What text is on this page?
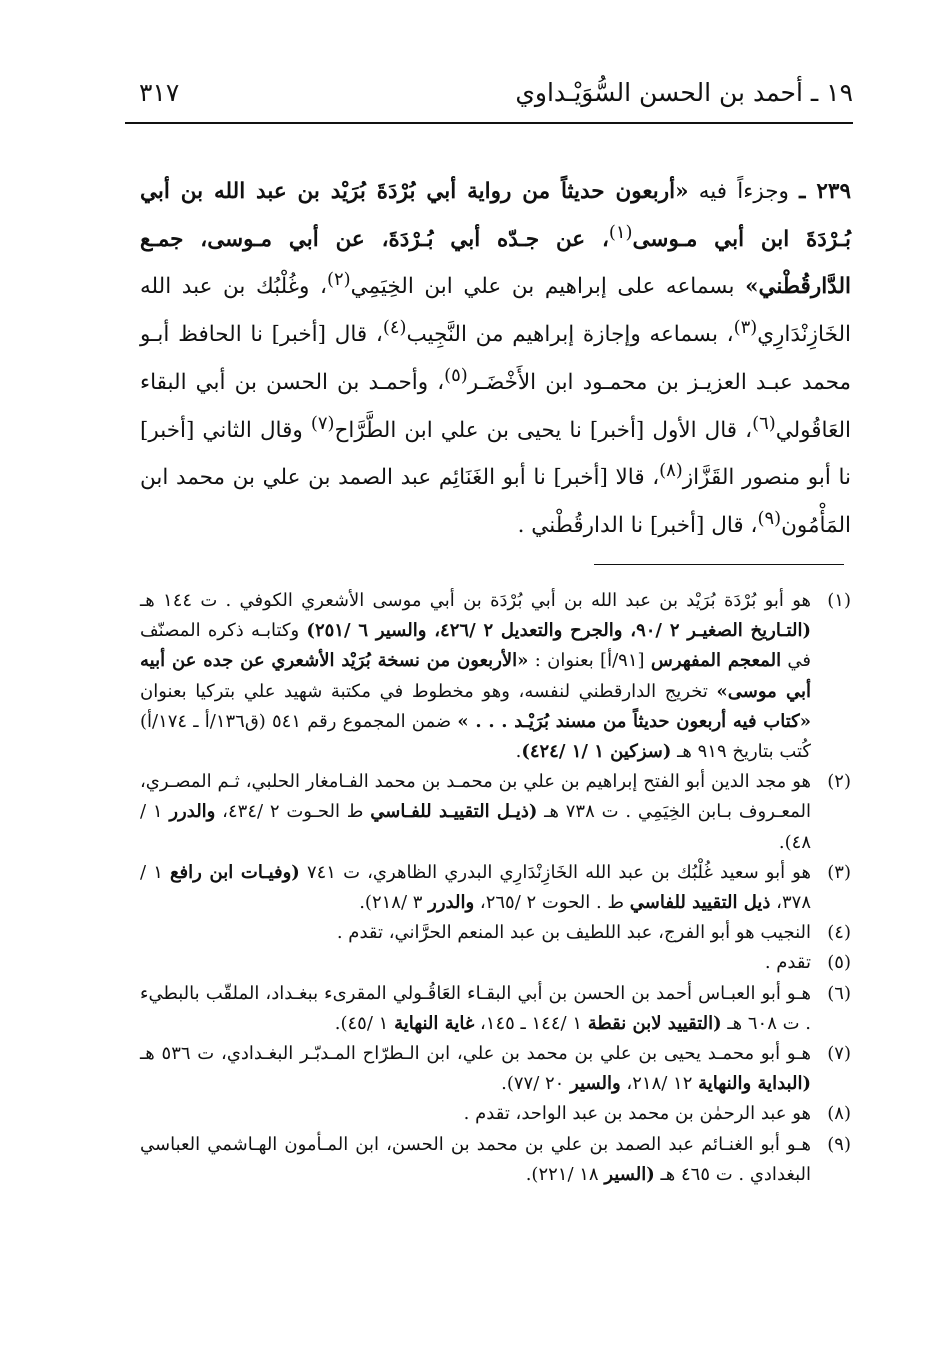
١٩ ـ أحمد بن الحسن السُّوَيْـداوي
٣١٧
٢٣٩ ـ وجزءاً فيه «أربعون حديثاً من رواية أبي بُرْدَةَ بُرَيْد بن عبد الله بن أبي بُـرْدَةَ ابن أبي مـوسى$^{(١)}$، عن جـدّه أبي بُـرْدَةَ، عن أبي مـوسى، جمـع الدَّارقُطْني» بسماعه على إبراهيم بن علي ابن الخِيَمِي$^{(٢)}$، وغُلْبُك بن عبد الله الخَازِنْدَارِي$^{(٣)}$، بسماعه وإجازة إبراهيم من النَّجِيب$^{(٤)}$، قال [أخبر] نا الحافظ أبـو محمد عبـد العزيـز بن محمـود ابن الأَخْضَـر$^{(٥)}$، وأحمـد بن الحسن بن أبي البقاء العَاقُولي$^{(٦)}$، قال الأول [أخبر] نا يحيى بن علي ابن الطَّرَّاح$^{(٧)}$ وقال الثاني [أخبر] نا أبو منصور القَزَّاز$^{(٨)}$، قالا [أخبر] نا أبو الغَنَائِم عبد الصمد بن علي بن محمد ابن المَأْمُون$^{(٩)}$، قال [أخبر] نا الدارقُطْني .
(١)
هو أبو بُرْدَة بُرَيْد بن عبد الله بن أبي بُرْدَة بن أبي موسى الأشعري الكوفي . ت ١٤٤ هـ (التـاريخ الصغيـر ٢ /٩٠، والجرح والتعديل ٢ /٤٢٦، والسير ٦ /٢٥١) وكتابـه ذكره المصنّف في المعجم المفهرس [٩١/أ] بعنوان : «الأربعون من نسخة بُرَيْد الأشعري عن جده عن أبيه أبي موسى» تخريج الدارقطني لنفسه، وهو مخطوط في مكتبة شهيد علي بتركيا بعنوان «كتاب فيه أربعون حديثاً من مسند بُرَيْـد . . . » ضمن المجموع رقم ٥٤١ (ق١٣٦/أ ـ ١٧٤/أ) كُتب بتاريخ ٩١٩ هـ (سزكين ١ /١ /٤٢٤).
(٢)
هو مجد الدين أبو الفتح إبراهيم بن علي بن محمـد بن محمد الفـامغار الحلبي، ثـم المصـري، المعـروف بـابن الخِيَمِي . ت ٧٣٨ هـ (ذيـل التقييـد للفـاسي ط الحـوت ٢ /٤٣٤، والدرر ١ /٤٨).
(٣)
هو أبو سعيد غُلْبُك بن عبد الله الخَازِنْدَارِي البدري الظاهري، ت ٧٤١ (وفيـات ابن رافع ١ /٣٧٨، ذيل التقييد للفاسي ط . الحوت ٢ /٢٦٥، والدرر ٣ /٢١٨).
(٤)
النجيب هو أبو الفرج، عبد اللطيف بن عبد المنعم الحرَّاني، تقدم .
(٥)
تقدم .
(٦)
هـو أبو العبـاس أحمد بن الحسن بن أبي البقـاء العَاقُـولي المقرىء ببغـداد، الملقّب بالبطيء . ت ٦٠٨ هـ (التقييد لابن نقطة ١ /١٤٤ ـ ١٤٥، غاية النهاية ١ /٤٥).
(٧)
هـو أبو محمـد يحيى بن علي بن محمد بن علي، ابن الـطرّاح المـدبّـر البغـدادي، ت ٥٣٦ هـ (البداية والنهاية ١٢ /٢١٨، والسير ٢٠ /٧٧).
(٨)
هو عبد الرحمٰن بن محمد بن عبد الواحد، تقدم .
(٩)
هـو أبو الغنـائم عبد الصمد بن علي بن محمد بن الحسن، ابن المـأمون الهـاشمي العباسي البغدادي . ت ٤٦٥ هـ (السير ١٨ /٢٢١).
